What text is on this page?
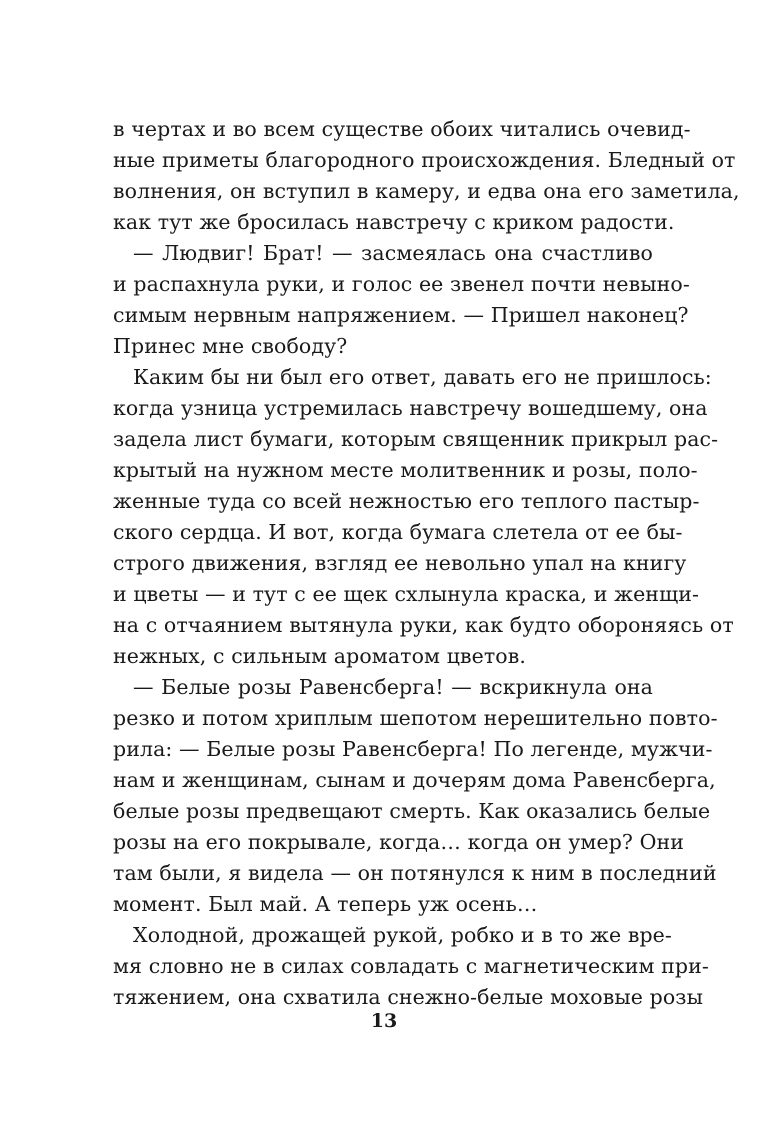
в чертах и во всем существе обоих читались очевид-
ные приметы благородного происхождения. Бледный от
волнения, он вступил в камеру, и едва она его заметила,
как тут же бросилась навстречу с криком радости.
— Людвиг! Брат! — засмеялась она счастливо
и распахнула руки, и голос ее звенел почти невыно-
симым нервным напряжением. — Пришел наконец?
Принес мне свободу?
Каким бы ни был его ответ, давать его не пришлось:
когда узница устремилась навстречу вошедшему, она
задела лист бумаги, которым священник прикрыл рас-
крытый на нужном месте молитвенник и розы, поло-
женные туда со всей нежностью его теплого пастыр-
ского сердца. И вот, когда бумага слетела от ее бы-
строго движения, взгляд ее невольно упал на книгу
и цветы — и тут с ее щек схлынула краска, и женщи-
на с отчаянием вытянула руки, как будто обороняясь от
нежных, с сильным ароматом цветов.
— Белые розы Равенсберга! — вскрикнула она
резко и потом хриплым шепотом нерешительно повто-
рила: — Белые розы Равенсберга! По легенде, мужчи-
нам и женщинам, сынам и дочерям дома Равенсберга,
белые розы предвещают смерть. Как оказались белые
розы на его покрывале, когда… когда он умер? Они
там были, я видела — он потянулся к ним в последний
момент. Был май. А теперь уж осень…
Холодной, дрожащей рукой, робко и в то же вре-
мя словно не в силах совладать с магнетическим при-
тяжением, она схватила снежно-белые моховые розы
13
